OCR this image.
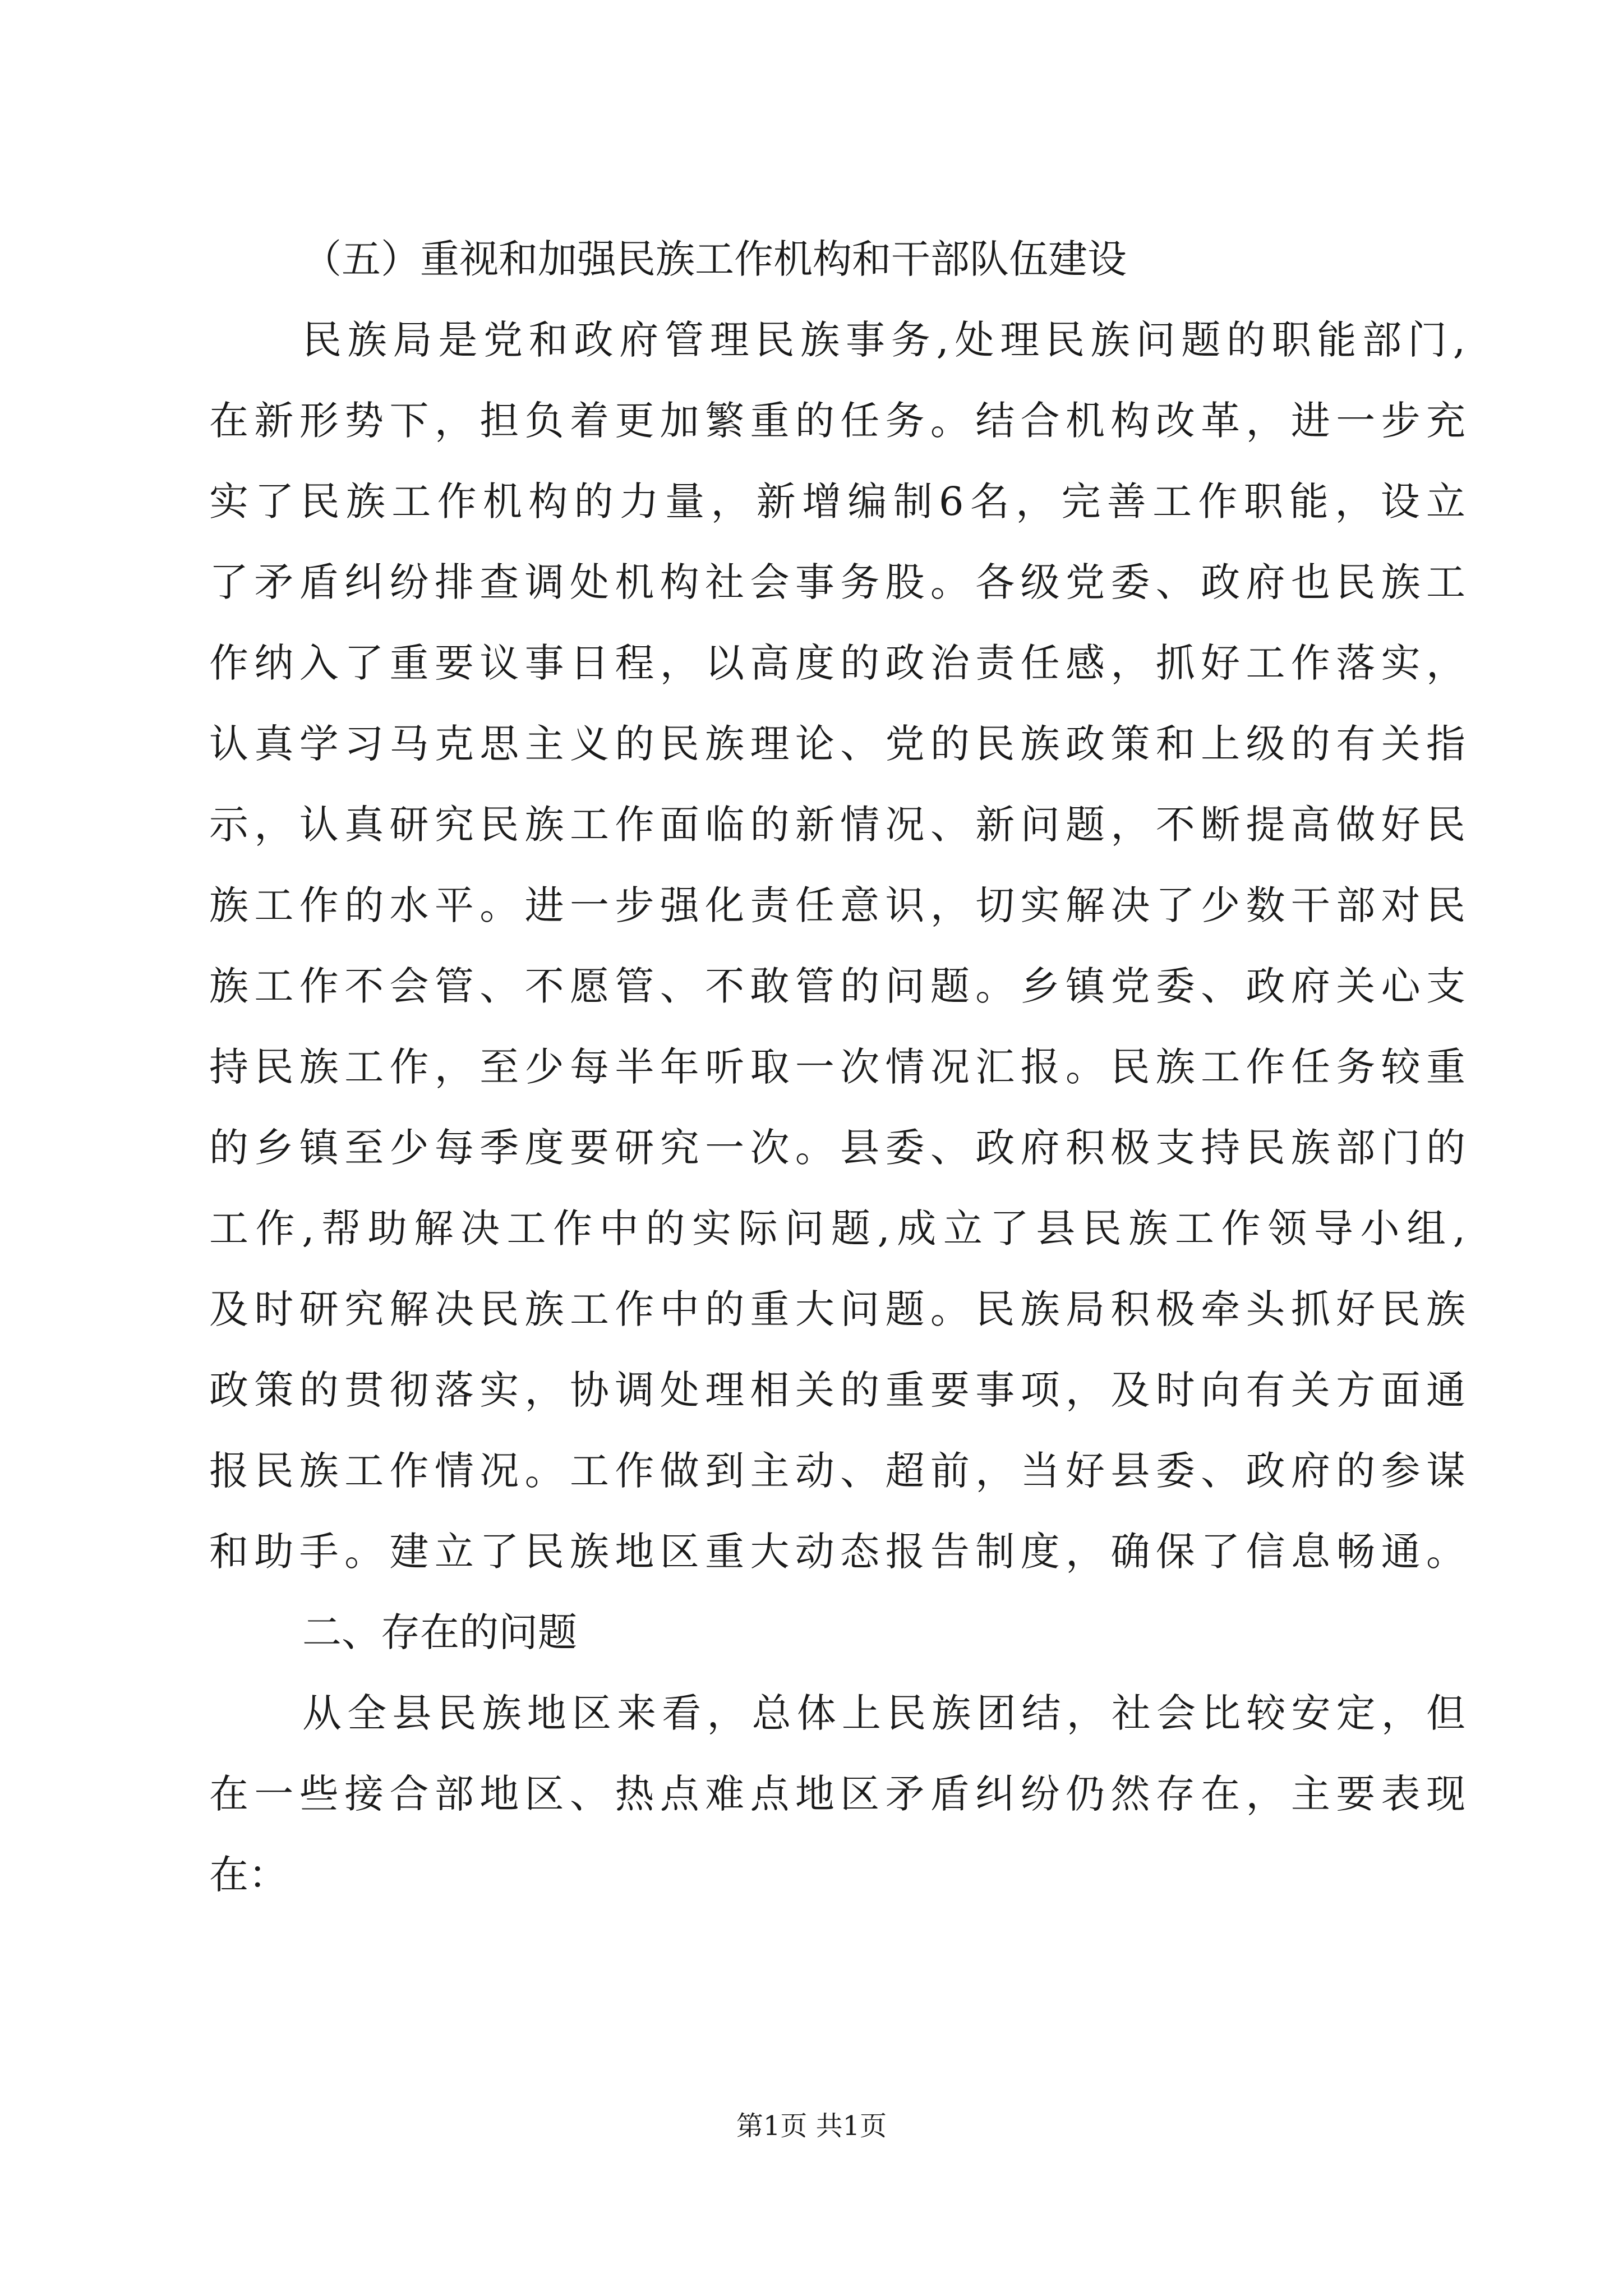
（五）重视和加强民族工作机构和干部队伍建设
民族局是党和政府管理民族事务,处理民族问题的职能部门,
在新形势下，担负着更加繁重的任务。结合机构改革，进一步充
实了民族工作机构的力量，新增编制6名，完善工作职能，设立
了矛盾纠纷排查调处机构社会事务股。各级党委、政府也民族工
作纳入了重要议事日程，以高度的政治责任感，抓好工作落实，
认真学习马克思主义的民族理论、党的民族政策和上级的有关指
示，认真研究民族工作面临的新情况、新问题，不断提高做好民
族工作的水平。进一步强化责任意识，切实解决了少数干部对民
族工作不会管、不愿管、不敢管的问题。乡镇党委、政府关心支
持民族工作，至少每半年听取一次情况汇报。民族工作任务较重
的乡镇至少每季度要研究一次。县委、政府积极支持民族部门的
工作,帮助解决工作中的实际问题,成立了县民族工作领导小组,
及时研究解决民族工作中的重大问题。民族局积极牵头抓好民族
政策的贯彻落实，协调处理相关的重要事项，及时向有关方面通
报民族工作情况。工作做到主动、超前，当好县委、政府的参谋
和助手。建立了民族地区重大动态报告制度，确保了信息畅通。
二、存在的问题
从全县民族地区来看，总体上民族团结，社会比较安定，但
在一些接合部地区、热点难点地区矛盾纠纷仍然存在，主要表现
在：
第1页 共1页
